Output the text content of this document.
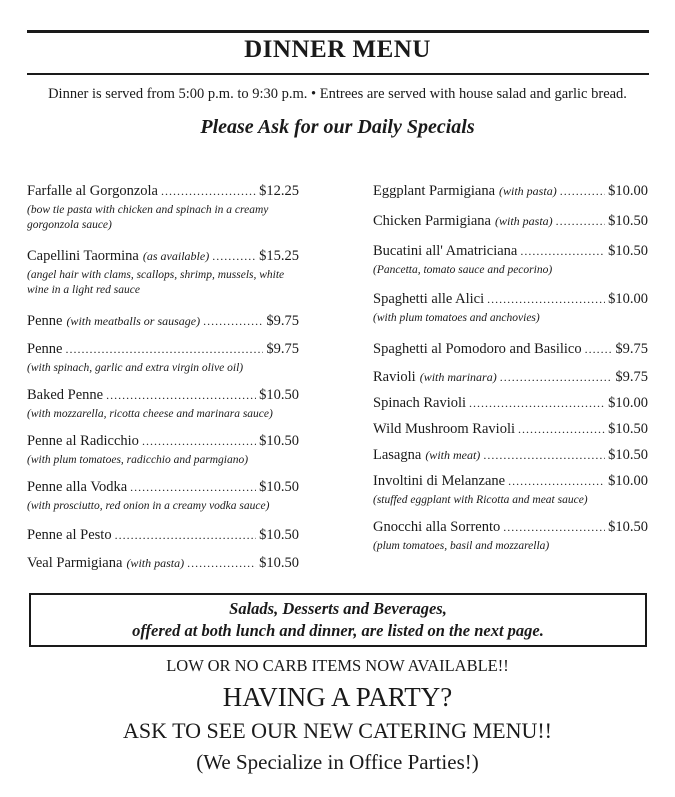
DINNER MENU
Dinner is served from 5:00 p.m. to 9:30 p.m. • Entrees are served with house salad and garlic bread.
Please Ask for our Daily Specials
Farfalle al Gorgonzola .....	$12.25
(bow tie pasta with chicken and spinach in a creamy gorgonzola sauce)
Capellini Taormina (as available) .....	$15.25
(angel hair with clams, scallops, shrimp, mussels, white wine in a light red sauce
Penne (with meatballs or sausage) .....	$9.75
Penne .....	$9.75
(with spinach, garlic and extra virgin olive oil)
Baked Penne .....	$10.50
(with mozzarella, ricotta cheese and marinara sauce)
Penne al Radicchio .....	$10.50
(with plum tomatoes, radicchio and parmgiano)
Penne alla Vodka .....	$10.50
(with prosciutto, red onion in a creamy vodka sauce)
Penne al Pesto .....	$10.50
Veal Parmigiana (with pasta) .....	$10.50
Eggplant Parmigiana (with pasta) .....	$10.00
Chicken Parmigiana (with pasta) .....	$10.50
Bucatini all' Amatriciana .....	$10.50
(Pancetta, tomato sauce and pecorino)
Spaghetti alle Alici .....	$10.00
(with plum tomatoes and anchovies)
Spaghetti al Pomodoro and Basilico ..... $9.75
Ravioli (with marinara) .....	$9.75
Spinach Ravioli .....	$10.00
Wild Mushroom Ravioli .....	$10.50
Lasagna (with meat) .....	$10.50
Involtini di Melanzane .....	$10.00
(stuffed eggplant with Ricotta and meat sauce)
Gnocchi alla Sorrento .....	$10.50
(plum tomatoes, basil and mozzarella)
Salads, Desserts and Beverages,
offered at both lunch and dinner, are listed on the next page.
LOW OR NO CARB ITEMS NOW AVAILABLE!!
HAVING A PARTY?
ASK TO SEE OUR NEW CATERING MENU!!
(We Specialize in Office Parties!)
